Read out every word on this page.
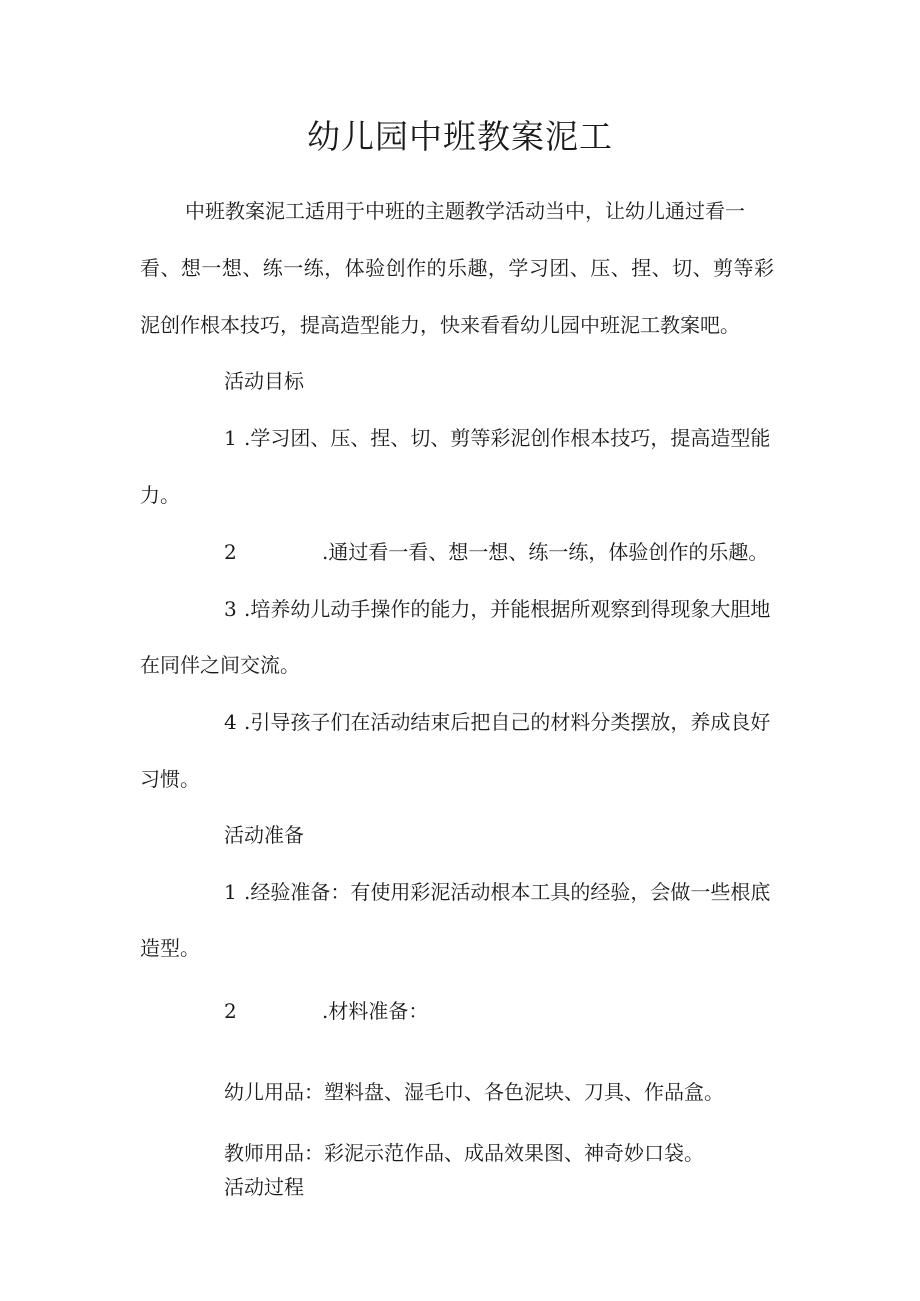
幼儿园中班教案泥工

中班教案泥工适用于中班的主题教学活动当中，让幼儿通过看一

看、想一想、练一练，体验创作的乐趣，学习团、压、捏、切、剪等彩

泥创作根本技巧，提高造型能力，快来看看幼儿园中班泥工教案吧。

活动目标

1 .学习团、压、捏、切、剪等彩泥创作根本技巧，提高造型能

力。

2	.通过看一看、想一想、练一练，体验创作的乐趣。

3 .培养幼儿动手操作的能力，并能根据所观察到得现象大胆地

在同伴之间交流。

4 .引导孩子们在活动结束后把自己的材料分类摆放，养成良好

习惯。

活动准备

1 .经验准备：有使用彩泥活动根本工具的经验，会做一些根底

造型。

2	.材料准备：

幼儿用品：塑料盘、湿毛巾、各色泥块、刀具、作品盒。

教师用品：彩泥示范作品、成品效果图、神奇妙口袋。

活动过程
